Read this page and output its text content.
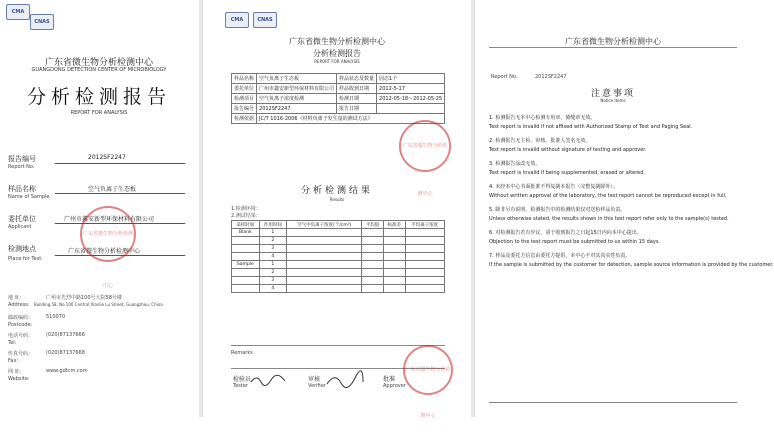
CMA
CNAS
广东省微生物分析检测中心
GUANGDONG DETECTION CENTER OF MICROBIOLOGY
分析检测报告
REPORT FOR ANALYSIS
报告编号
Report No.
2012SF2247
样品名称
Name of Sample
空气负离子生态板
委托单位
Applicant
广州市鑫安新型环保材料有限公司
检测地点
Place for Test
广东省微生物分析检测中心
广东省微生物分析检测中心
地 址：	广州市先烈中路100号大院58号楼
Address: Building 58, No.100 Central Xianlie Lu Street, Guangzhou, China
邮政编码：	510070
Postcode:
电话号码：	(020)87137666
Tel:
传真号码：	(020)87137668
Fax:
网 址：	www.gdtcm.com
Website:
CMA	CNAS
广东省微生物分析检测中心
分析检测报告
REPORT FOR ANALYSIS
样品名称	空气负离子生态板	样品状态及数量	固态1个
委托单位	广州市鑫安新型环保材料有限公司	样品收到日期	2012-5-17
检测项目	空气负离子浓度检测	检测日期	2012-05-18～2012-05-25
报告编号	2012SF2247	报告日期	
检测依据	JC/T 1016-2006《材料负离子发生量的测试方法》		
广东省微生物分析检测中心
分析检测结果
Results
1.检测环境：
2.测试结果：
采样时间	作用时间	空气中负离子浓度(个/cm³)	平均值	标准差	平均离子浓度
Blank	1				
	2				
	3				
	4				
Sample	1				
	2				
	3				
	4				
Remarks
检验员
Tester
审核
Verifier
批准
Approver
广东省微生物分析检测中心
广东省微生物分析检测中心
Report No.	2012SF2247
注意事项
Notice Items
1. 检测报告无本中心检测专用章、骑缝章无效。
Test report is invalid if not affixed with Authorized Stamp of Test and Paging Seal.
2. 检测报告无主检、审核、批准人签名无效。
Test report is invalid without signature of testing and approver.
3. 检测报告涂改无效。
Test report is invalid if being supplemented, erased or altered.
4. 未经本中心书面批准不得复制本报告（完整复制除外）。
Without written approval of the laboratory, the test report cannot be reproduced except in full.
5. 除非另有说明，检测报告中的检测结果仅对送检样品负责。
Unless otherwise stated, the results shown in this test report refer only to the sample(s) tested.
6. 对检测报告若有异议，请于收到报告之日起15日内向本中心提出。
Objection to the test report must be submitted to us within 15 days.
7. 样品及委托方信息由委托方提供，本中心不对其真实性负责。
If the sample is submitted by the customer for detection, sample source information is provided by the customer.
